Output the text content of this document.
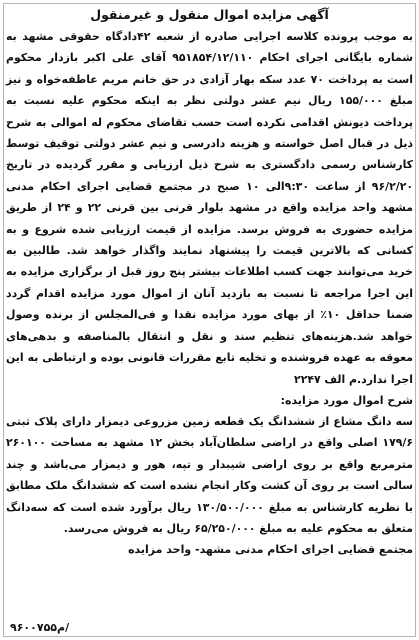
آگهی مزایده اموال منقول و غیرمنقول

به موجب پرونده کلاسه اجرایی صادره از شعبه ۴۲دادگاه حقوقی مشهد به شماره بایگانی اجرای احکام ۹۵۱۸۵۴/۱۲/۱۱۰ آقای علی اکبر بازدار محکوم است به پرداخت ۷۰ عدد سکه بهار آزادی در حق خانم مریم عاطفه‌خواه و نیز مبلغ ۱۵۵/۰۰۰ ریال نیم عشر دولتی نظر به اینکه محکوم علیه نسبت به پرداخت دیونش اقدامی نکرده است حسب تقاضای محکوم له اموالی به شرح ذیل در قبال اصل خواسته و هزینه دادرسی و نیم عشر دولتی توقیف توسط کارشناس رسمی دادگستری به شرح ذیل ارزیابی و مقرر گردیده در تاریخ ۹۶/۲/۲۰ از ساعت ۹:۳۰الی ۱۰ صبح در مجتمع قضایی اجرای احکام مدنی مشهد واحد مزایده واقع در مشهد بلوار قرنی بین قرنی ۲۲ و ۲۴ از طریق مزایده حضوری به فروش برسد. مزایده از قیمت ارزیابی شده شروع و به کسانی که بالاترین قیمت را پیشنهاد نمایند واگذار خواهد شد. طالبین به خرید می‌توانند جهت کسب اطلاعات بیشتر پنج روز قبل از برگزاری مزایده به این اجرا مراجعه تا نسبت به بازدید آنان از اموال مورد مزایده اقدام گردد ضمنا حداقل ۱۰٪ از بهای مورد مزایده نقدا و فی‌المجلس از برنده وصول خواهد شد.هزینه‌های تنظیم سند و نقل و انتقال بالمناصفه و بدهی‌های معوقه به عهده فروشنده و تخلیه تابع مقررات قانونی بوده و ارتباطی به این اجرا ندارد.م الف ۲۲۴۷

شرح اموال مورد مزایده:

سه دانگ مشاع از ششدانگ یک قطعه زمین مزروعی دیمزار دارای پلاک ثبتی ۱۷۹/۶ اصلی واقع در اراضی سلطان‌آباد بخش ۱۲ مشهد به مساحت ۲۶۰۱۰۰ مترمربع واقع بر روی اراضی شیبدار و تپه، هور و دیمزار می‌باشد و چند سالی است بر روی آن کشت وکار انجام نشده است که ششدانگ ملک مطابق با نظریه کارشناس به مبلغ ۱۳۰/۵۰۰/۰۰۰ ریال برآورد شده است که سه‌دانگ متعلق به محکوم علیه به مبلغ ۶۵/۲۵۰/۰۰۰ ریال به فروش می‌رسد.

مجتمع قضایی اجرای احکام مدنی مشهد- واحد مزایده

۹۶۰۰۷۵۵م/
